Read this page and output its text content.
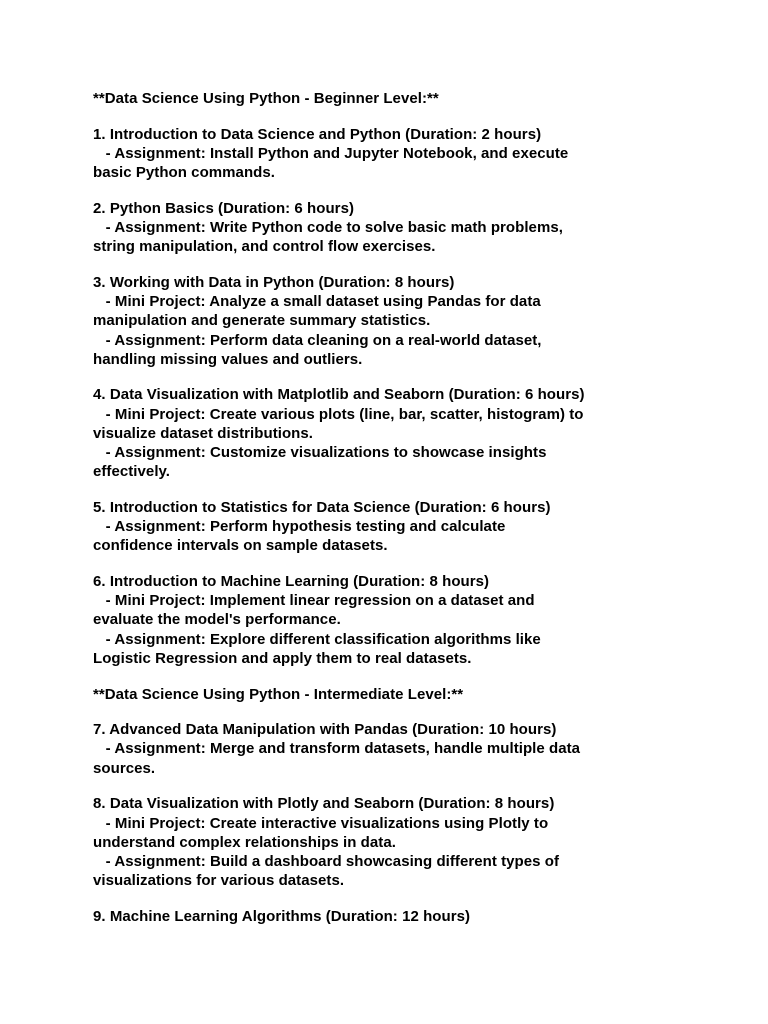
**Data Science Using Python - Beginner Level:**
1. Introduction to Data Science and Python (Duration: 2 hours)
- Assignment: Install Python and Jupyter Notebook, and execute
basic Python commands.
2. Python Basics (Duration: 6 hours)
- Assignment: Write Python code to solve basic math problems,
string manipulation, and control flow exercises.
3. Working with Data in Python (Duration: 8 hours)
- Mini Project: Analyze a small dataset using Pandas for data
manipulation and generate summary statistics.
- Assignment: Perform data cleaning on a real-world dataset,
handling missing values and outliers.
4. Data Visualization with Matplotlib and Seaborn (Duration: 6 hours)
- Mini Project: Create various plots (line, bar, scatter, histogram) to
visualize dataset distributions.
- Assignment: Customize visualizations to showcase insights
effectively.
5. Introduction to Statistics for Data Science (Duration: 6 hours)
- Assignment: Perform hypothesis testing and calculate
confidence intervals on sample datasets.
6. Introduction to Machine Learning (Duration: 8 hours)
- Mini Project: Implement linear regression on a dataset and
evaluate the model's performance.
- Assignment: Explore different classification algorithms like
Logistic Regression and apply them to real datasets.
**Data Science Using Python - Intermediate Level:**
7. Advanced Data Manipulation with Pandas (Duration: 10 hours)
- Assignment: Merge and transform datasets, handle multiple data
sources.
8. Data Visualization with Plotly and Seaborn (Duration: 8 hours)
- Mini Project: Create interactive visualizations using Plotly to
understand complex relationships in data.
- Assignment: Build a dashboard showcasing different types of
visualizations for various datasets.
9. Machine Learning Algorithms (Duration: 12 hours)
